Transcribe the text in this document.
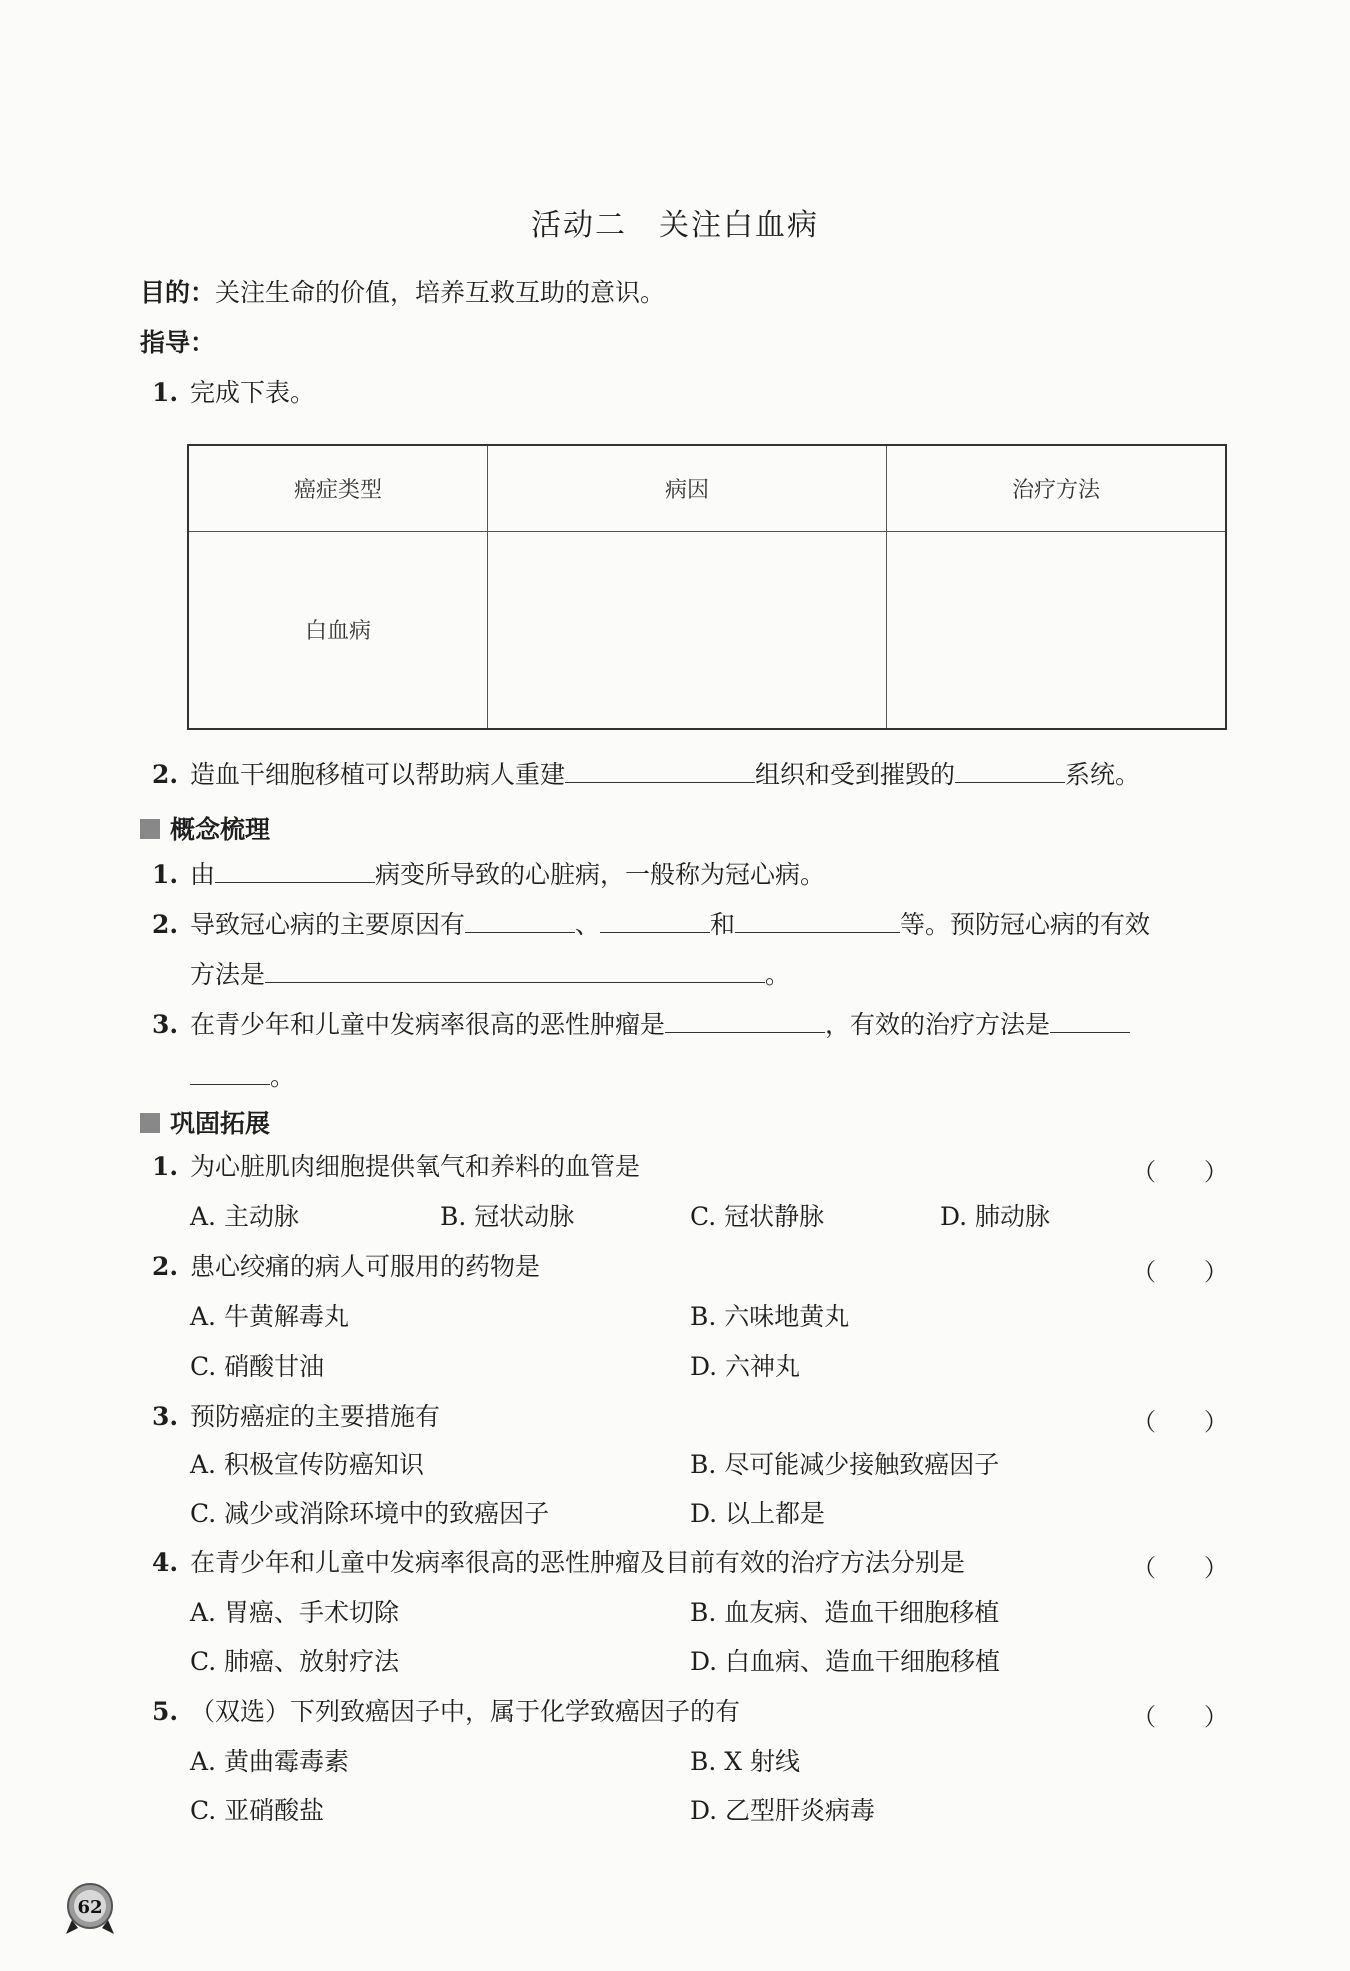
活动二　关注白血病
目的：关注生命的价值，培养互救互助的意识。
指导：
1. 完成下表。
癌症类型	病因	治疗方法
白血病		
2. 造血干细胞移植可以帮助病人重建	组织和受到摧毁的	系统。
概念梳理
1. 由	病变所导致的心脏病，一般称为冠心病。
2. 导致冠心病的主要原因有	、	和	等。预防冠心病的有效
方法是	。
3. 在青少年和儿童中发病率很高的恶性肿瘤是	，有效的治疗方法是
。
巩固拓展
1. 为心脏肌肉细胞提供氧气和养料的血管是	（　　）
A. 主动脉	B. 冠状动脉	C. 冠状静脉	D. 肺动脉
2. 患心绞痛的病人可服用的药物是	（　　）
A. 牛黄解毒丸	B. 六味地黄丸
C. 硝酸甘油	D. 六神丸
3. 预防癌症的主要措施有	（　　）
A. 积极宣传防癌知识	B. 尽可能减少接触致癌因子
C. 减少或消除环境中的致癌因子	D. 以上都是
4. 在青少年和儿童中发病率很高的恶性肿瘤及目前有效的治疗方法分别是	（　　）
A. 胃癌、手术切除	B. 血友病、造血干细胞移植
C. 肺癌、放射疗法	D. 白血病、造血干细胞移植
5. （双选）下列致癌因子中，属于化学致癌因子的有	（　　）
A. 黄曲霉毒素	B. X 射线
C. 亚硝酸盐	D. 乙型肝炎病毒
62
